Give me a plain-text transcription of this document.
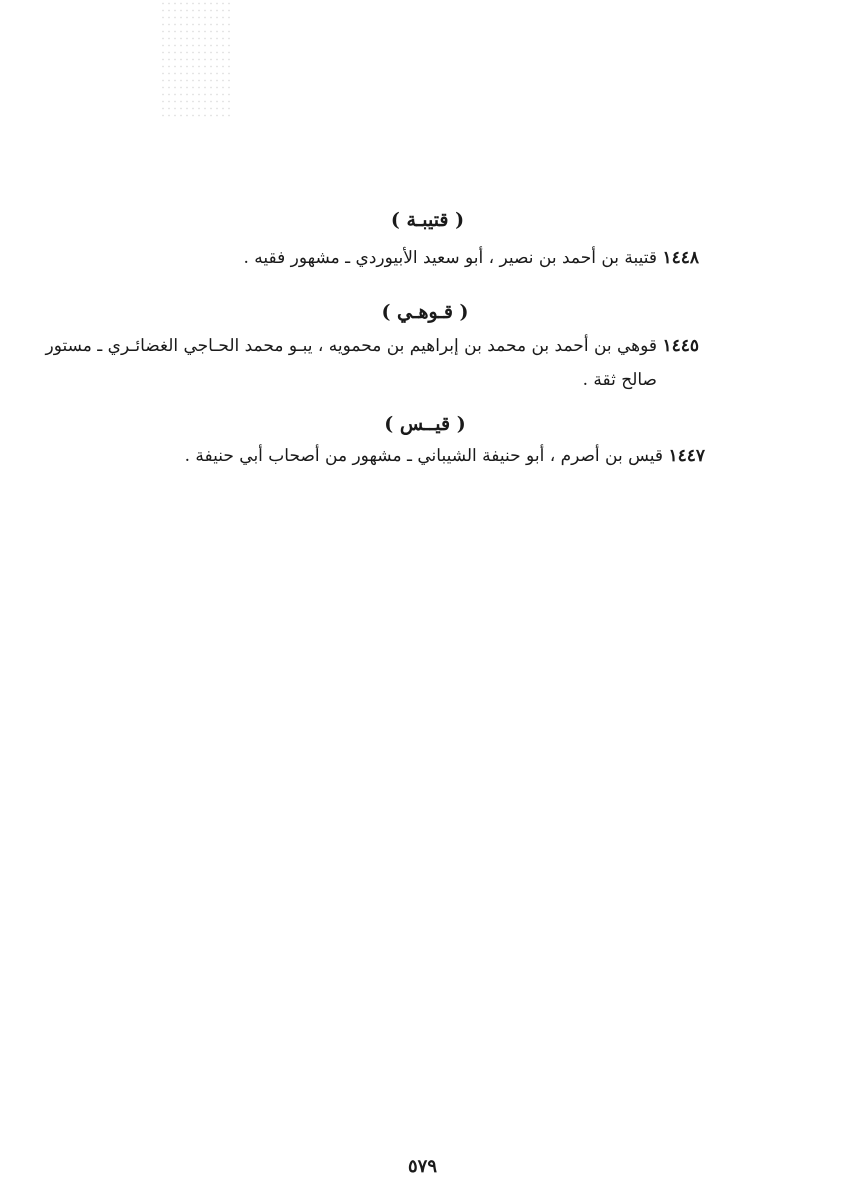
( قتيبـة )
١٤٤٨ قتيبة بن أحمد بن نصير ، أبو سعيد الأبيوردي ـ مشهور فقيه .
( قـوهـي )
١٤٤٥ قوهي بن أحمد بن محمد بن إبراهيم بن محمويه ، يبـو محمد الحـاجي الغضائـري ـ مستور
صالح ثقة .
( قيــس )
١٤٤٧ قيس بن أصرم ، أبو حنيفة الشيباني ـ مشهور من أصحاب أبي حنيفة .
٥٧٩
